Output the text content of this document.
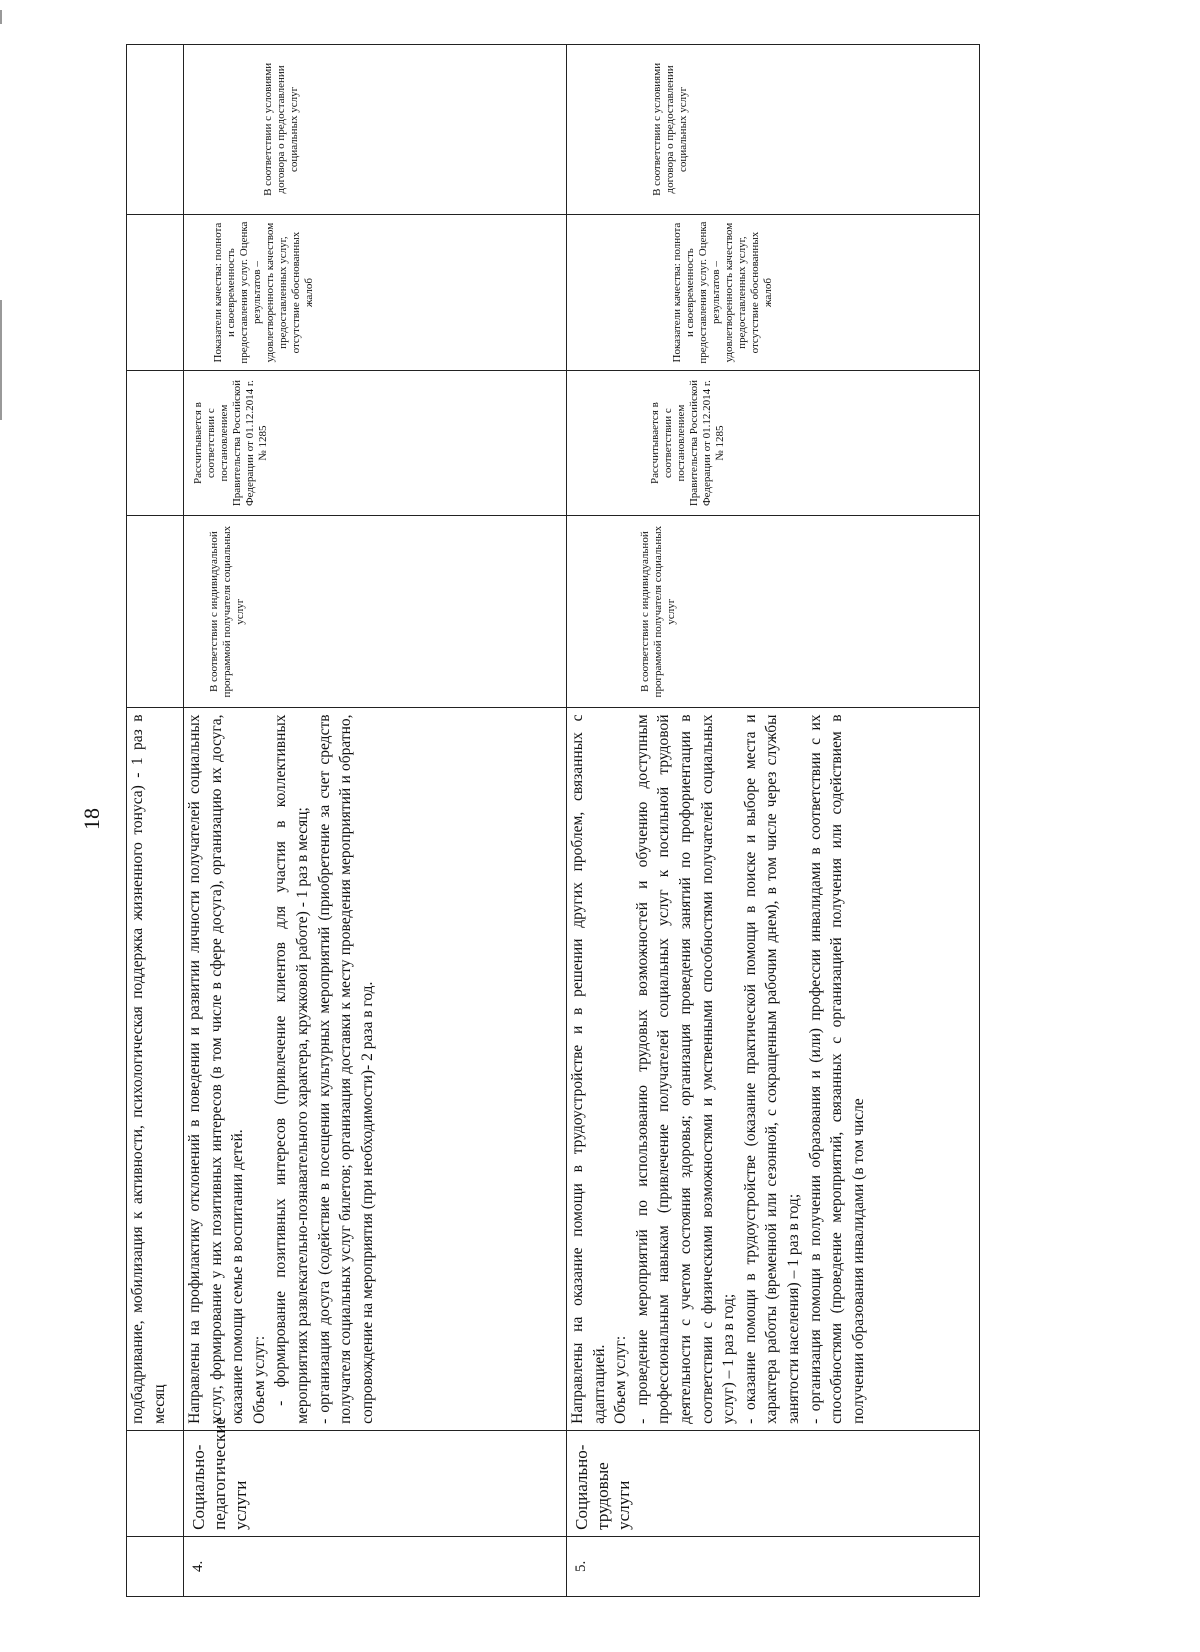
18

		подбадривание, мобилизация к активности, психологическая поддержка жизненного тонуса) - 1 раз в месяц				

4.	Социально-педагогические услуги	Направлены на профилактику отклонений в поведении и развитии личности получателей социальных услуг, формирование у них позитивных интересов (в том числе в сфере досуга), организацию их досуга, оказание помощи семье в воспитании детей. Объем услуг: - формирование позитивных интересов (привлечение клиентов для участия в коллективных мероприятиях развлекательно-познавательного характера, кружковой работе) - 1 раз в месяц; - организация досуга (содействие в посещении культурных мероприятий (приобретение за счет средств получателя социальных услуг билетов; организация доставки к месту проведения мероприятий и обратно, сопровождение на мероприятия (при необходимости)- 2 раза в год.	В соответствии с индивидуальной программой получателя социальных услуг	Рассчитывается в соответствии с постановлением Правительства Российской Федерации от 01.12.2014 г. № 1285	Показатели качества: полнота и своевременность предоставления услуг. Оценка результатов – удовлетворенность качеством предоставленных услуг, отсутствие обоснованных жалоб	В соответствии с условиями договора о предоставлении социальных услуг
5.	Социально-трудовые услуги	Направлены на оказание помощи в трудоустройстве и в решении других проблем, связанных с адаптацией. Объем услуг: - проведение мероприятий по использованию трудовых возможностей и обучению доступным профессиональным навыкам (привлечение получателей социальных услуг к посильной трудовой деятельности с учетом состояния здоровья; организация проведения занятий по профориентации в соответствии с физическими возможностями и умственными способностями получателей социальных услуг) – 1 раз в год; - оказание помощи в трудоустройстве (оказание практической помощи в поиске и выборе места и характера работы (временной или сезонной, с сокращенным рабочим днем), в том числе через службы занятости населения) – 1 раз в год; - организация помощи в получении образования и (или) профессии инвалидами в соответствии с их способностями (проведение мероприятий, связанных с организацией получения или содействием в получении образования инвалидами (в том числе	В соответствии с индивидуальной программой получателя социальных услуг	Рассчитывается в соответствии с постановлением Правительства Российской Федерации от 01.12.2014 г. № 1285	Показатели качества: полнота и своевременность предоставления услуг. Оценка результатов – удовлетворенность качеством предоставленных услуг, отсутствие обоснованных жалоб	В соответствии с условиями договора о предоставлении социальных услуг
